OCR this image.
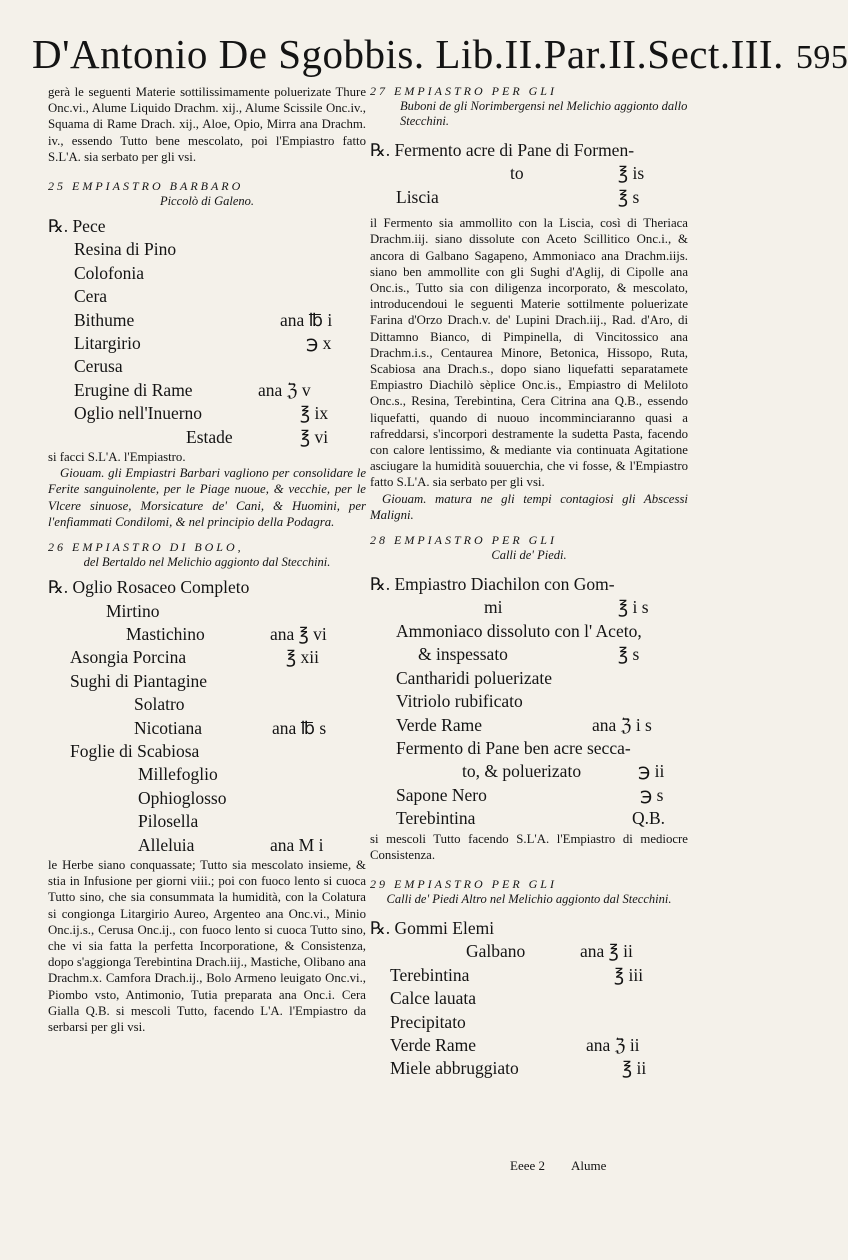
D'Antonio De Sgobbis. Lib.II.Par.II.Sect.III. 595

gerà le seguenti Materie sottilissimamente poluerizate Thure Onc.vi., Alume Liquido Drachm. xij., Alume Scissile Onc.iv., Squama di Rame Drach. xij., Aloe, Opio, Mirra ana Drachm. iv., essendo Tutto bene mescolato, poi l'Empiastro fatto S.L'A. sia serbato per gli vsi.

25 EMPIASTRO BARBARO

Piccolò di Galeno.

℞. Pece
Resina di Pino
Colofonia
Cera
Bithume	ana ℔ i
Litargirio	℈ x
Cerusa
Erugine di Rame	ana ℨ v
Oglio nell'Inuerno	℥ ix
Estade	℥ vi

si facci S.L'A. l'Empiastro.

Giouam. gli Empiastri Barbari vagliono per consolidare le Ferite sanguinolente, per le Piage nuoue, & vecchie, per le Vlcere sinuose, Morsicature de' Cani, & Huomini, per l'enfiammati Condilomi, & nel principio della Podagra.

26 EMPIASTRO DI BOLO,

del Bertaldo nel Melichio aggionto dal Stecchini.

℞. Oglio Rosaceo Completo
Mirtino
Mastichino	ana ℥ vi
Asongia Porcina	℥ xii
Sughi di Piantagine
Solatro
Nicotiana	ana ℔ s
Foglie di Scabiosa
Millefoglio
Ophioglosso
Pilosella
Alleluia	ana M i

le Herbe siano conquassate; Tutto sia mescolato insieme, & stia in Infusione per giorni viii.; poi con fuoco lento si cuoca Tutto sino, che sia consummata la humidità, con la Colatura si congionga Litargirio Aureo, Argenteo ana Onc.vi., Minio Onc.ij.s., Cerusa Onc.ij., con fuoco lento si cuoca Tutto sino, che vi sia fatta la perfetta Incorporatione, & Consistenza, dopo s'aggionga Terebintina Drach.iij., Mastiche, Olibano ana Drachm.x. Camfora Drach.ij., Bolo Armeno leuigato Onc.vi., Piombo vsto, Antimonio, Tutia preparata ana Onc.i. Cera Gialla Q.B. si mescoli Tutto, facendo L'A. l'Empiastro da serbarsi per gli vsi.

27 EMPIASTRO PER GLI

Buboni de gli Norimbergensi nel Melichio aggionto dallo Stecchini.

℞. Fermento acre di Pane di Formen-
to	℥ is
Liscia	℥ s

il Fermento sia ammollito con la Liscia, così di Theriaca Drachm.iij. siano dissolute con Aceto Scillitico Onc.i., & ancora di Galbano Sagapeno, Ammoniaco ana Drachm.iijs. siano ben ammollite con gli Sughi d'Aglij, di Cipolle ana Onc.is., Tutto sia con diligenza incorporato, & mescolato, introducendoui le seguenti Materie sottilmente poluerizate Farina d'Orzo Drach.v. de' Lupini Drach.iij., Rad. d'Aro, di Dittamno Bianco, di Pimpinella, di Vincitossico ana Drachm.i.s., Centaurea Minore, Betonica, Hissopo, Ruta, Scabiosa ana Drach.s., dopo siano liquefatti separatamete Empiastro Diachilò sèplice Onc.is., Empiastro di Meliloto Onc.s., Resina, Terebintina, Cera Citrina ana Q.B., essendo liquefatti, quando di nuouo incomminciaranno quasi a rafreddarsi, s'incorpori destramente la sudetta Pasta, facendo con calore lentissimo, & mediante via continuata Agitatione asciugare la humidità souuerchia, che vi fosse, & l'Empiastro fatto S.L'A. sia serbato per gli vsi.

Giouam. matura ne gli tempi contagiosi gli Abscessi Maligni.

28 EMPIASTRO PER GLI

Calli de' Piedi.

℞. Empiastro Diachilon con Gom-
mi	℥ i s
Ammoniaco dissoluto con l' Aceto,
& inspessato	℥ s
Cantharidi poluerizate
Vitriolo rubificato
Verde Rame	ana ℨ i s
Fermento di Pane ben acre secca-
to, & poluerizato	℈ ii
Sapone Nero	℈ s
Terebintina	Q.B.

si mescoli Tutto facendo S.L'A. l'Empiastro di mediocre Consistenza.

29 EMPIASTRO PER GLI

Calli de' Piedi Altro nel Melichio aggionto dal Stecchini.

℞. Gommi Elemi
Galbano	ana ℥ ii
Terebintina	℥ iii
Calce lauata
Precipitato
Verde Rame	ana ℨ ii
Miele abbruggiato	℥ ii
Eeee 2 Alume
